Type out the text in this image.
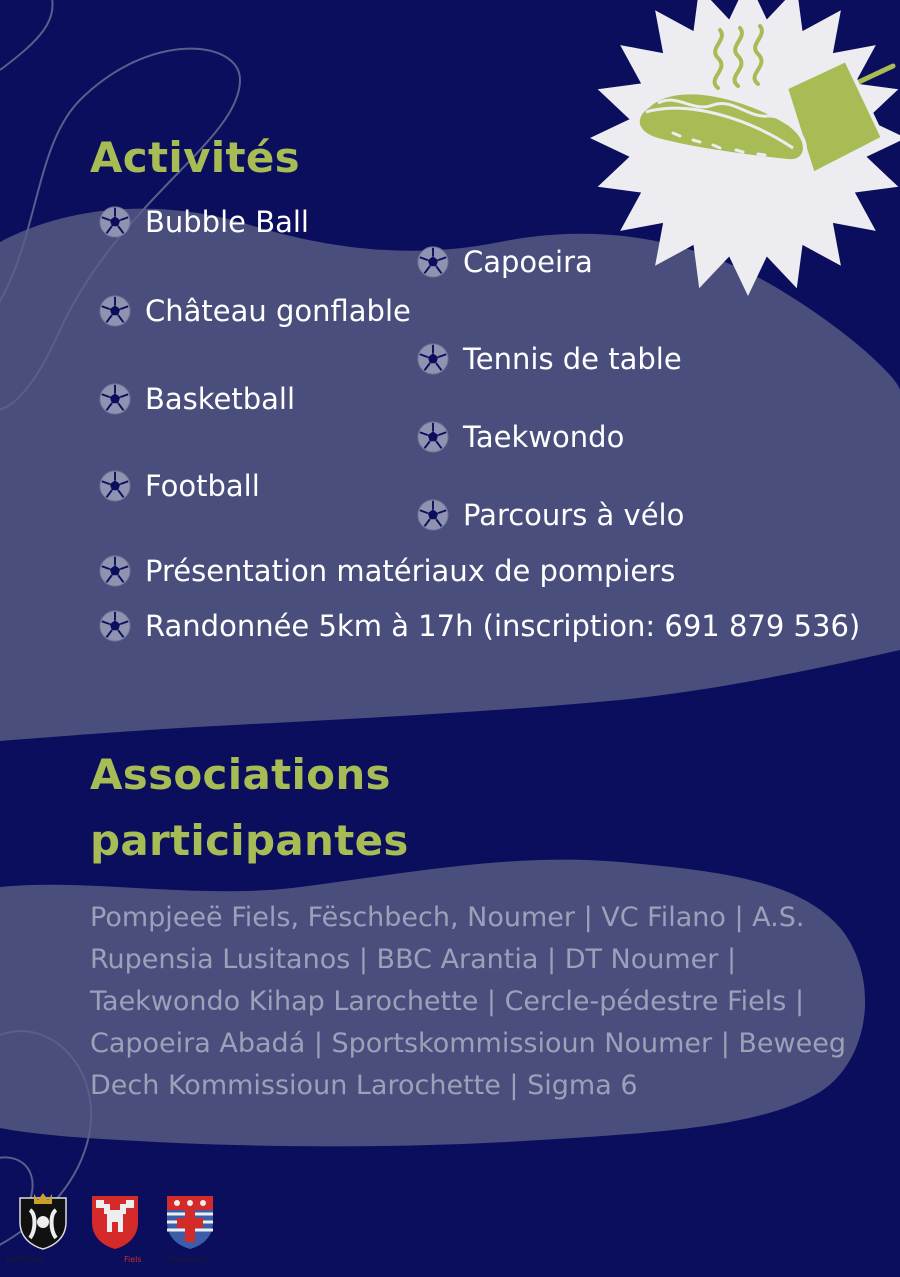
Activités
Bubble Ball
Capoeira
Château gonflable
Tennis de table
Basketball
Taekwondo
Football
Parcours à vélo
Présentation matériaux de pompiers
Randonnée 5km à 17h (inscription: 691 879 536)
Associations
participantes

Pompjeeë Fiels, Fëschbech, Noumer | VC Filano | A.S. Rupensia Lusitanos | BBC Arantia | DT Noumer | Taekwondo Kihap Larochette | Cercle-pédestre Fiels | Capoeira Abadá | Sportskommissioun Noumer | Beweeg Dech Kommissioun Larochette | Sigma 6

Heffingen	Fiels	Nommern
